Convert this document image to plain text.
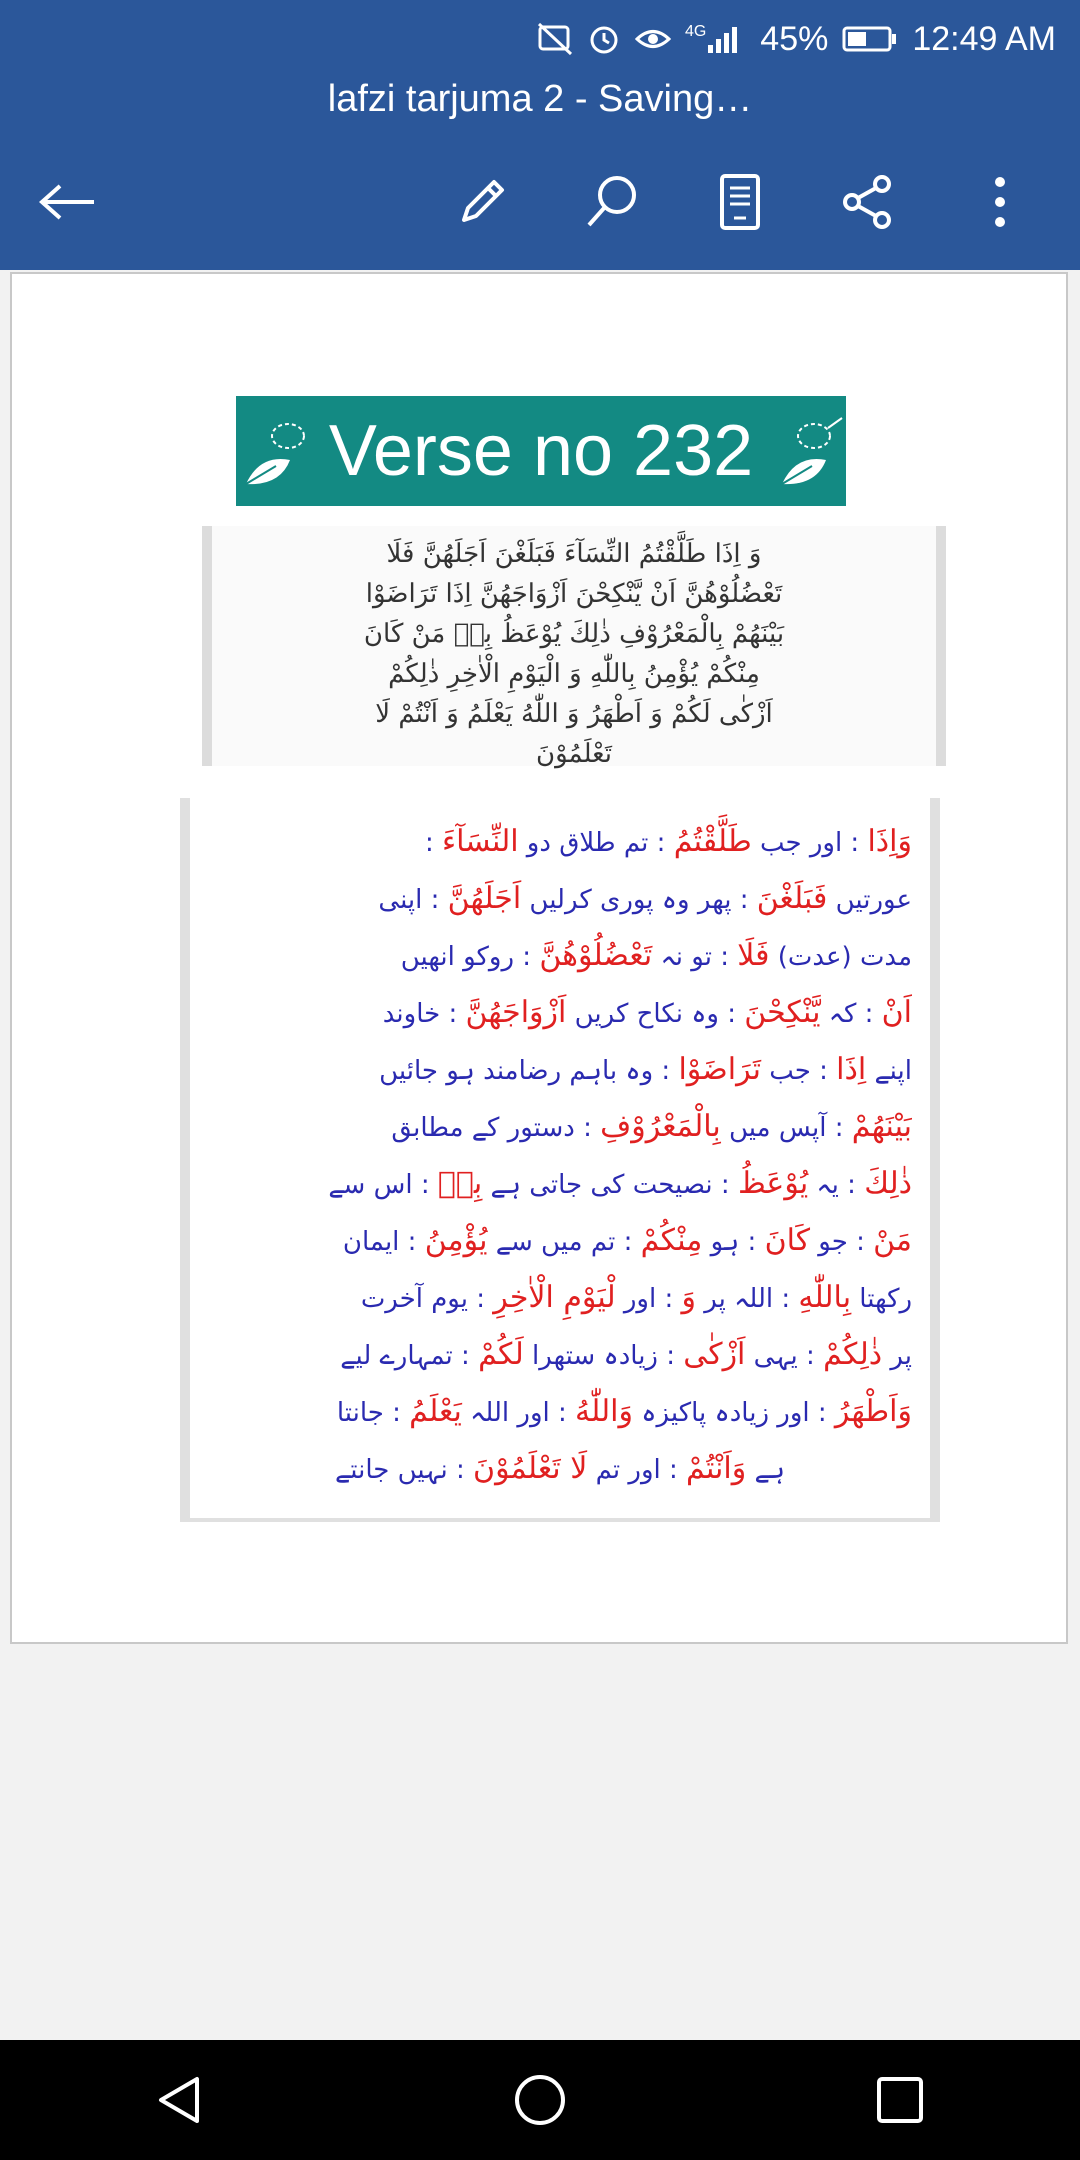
4G 45% 12:49 AM
lafzi tarjuma 2 - Saving…
Verse no 232
وَ اِذَا طَلَّقْتُمُ النِّسَآءَ فَبَلَغْنَ اَجَلَهُنَّ فَلَا
تَعْضُلُوْهُنَّ اَنْ يَّنْكِحْنَ اَزْوَاجَهُنَّ اِذَا تَرَاضَوْا
بَيْنَهُمْ بِالْمَعْرُوْفِ ذٰلِكَ يُوْعَظُ بِهٖ مَنْ كَانَ
مِنْكُمْ يُؤْمِنُ بِاللّٰهِ وَ الْيَوْمِ الْاٰخِرِ ذٰلِكُمْ
اَزْكٰى لَكُمْ وَ اَطْهَرُ وَ اللّٰهُ يَعْلَمُ وَ اَنْتُمْ لَا
تَعْلَمُوْنَ
وَاِذَا : اور جب طَلَّقْتُمُ : تم طلاق دو النِّسَآءَ :
عورتیں فَبَلَغْنَ : پھر وہ پوری کرلیں اَجَلَهُنَّ : اپنی
مدت (عدت) فَلَا : تو نہ تَعْضُلُوْهُنَّ : روکو انھیں
اَنْ : کہ يَّنْكِحْنَ : وہ نکاح کریں اَزْوَاجَهُنَّ : خاوند
اپنے اِذَا : جب تَرَاضَوْا : وہ باہم رضامند ہو جائیں
بَيْنَهُمْ : آپس میں بِالْمَعْرُوْفِ : دستور کے مطابق
ذٰلِكَ : یہ يُوْعَظُ : نصیحت کی جاتی ہے بِهٖ : اس سے
مَنْ : جو كَانَ : ہو مِنْكُمْ : تم میں سے يُؤْمِنُ : ایمان
رکھتا بِاللّٰهِ : اللہ پر وَ : اور لْيَوْمِ الْاٰخِرِ : یوم آخرت
پر ذٰلِكُمْ : یہی اَزْكٰى : زیادہ ستھرا لَكُمْ : تمہارے لیے
وَاَطْهَرُ : اور زیادہ پاکیزہ وَاللّٰهُ : اور اللہ يَعْلَمُ : جانتا
ہے وَاَنْتُمْ : اور تم لَا تَعْلَمُوْنَ : نہیں جانتے
